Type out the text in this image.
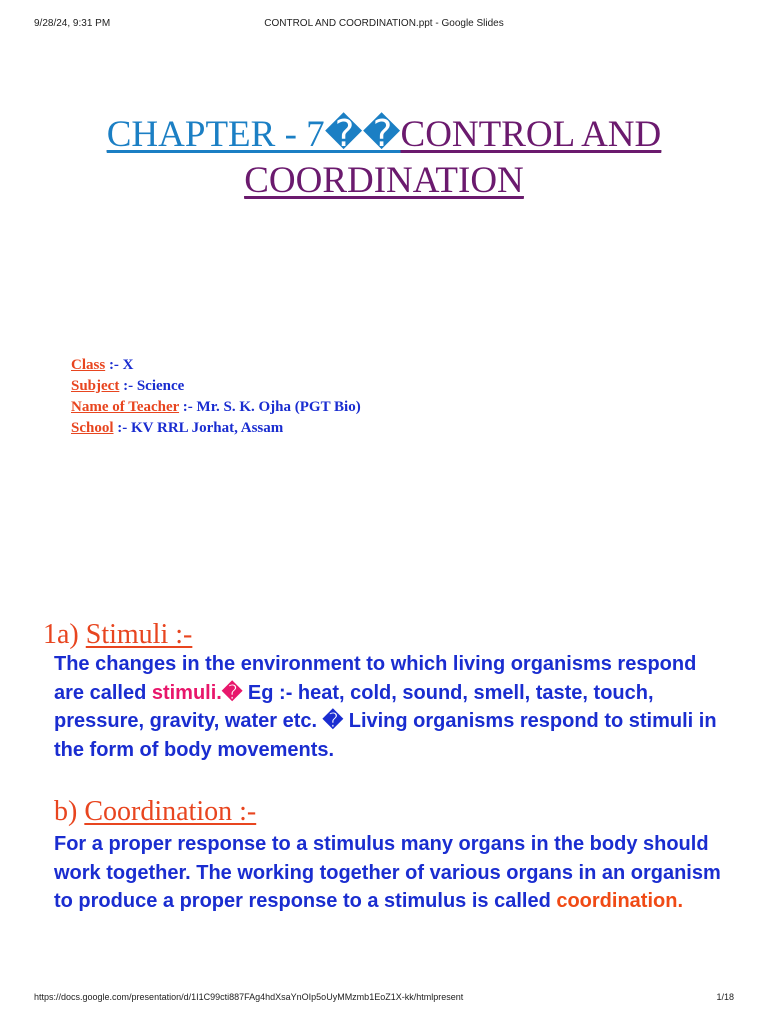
9/28/24, 9:31 PM	CONTROL AND COORDINATION.ppt - Google Slides
CHAPTER - 7��CONTROL AND
COORDINATION
Class :- X
Subject :- Science
Name of Teacher :- Mr. S. K. Ojha (PGT Bio)
School :- KV RRL Jorhat, Assam
1a) Stimuli :-
The changes in the environment to which living organisms respond are called stimuli.� Eg :- heat, cold, sound, smell, taste, touch, pressure, gravity, water etc. � Living organisms respond to stimuli in the form of body movements.
b) Coordination :-
For a proper response to a stimulus many organs in the body should work together. The working together of various organs in an organism to produce a proper response to a stimulus is called coordination.
https://docs.google.com/presentation/d/1I1C99cti887FAg4hdXsaYnOIp5oUyMMzmb1EoZ1X-kk/htmlpresent	1/18
